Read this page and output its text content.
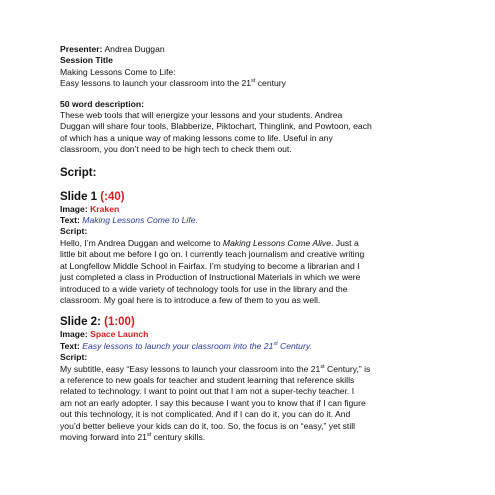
Presenter: Andrea Duggan
Session Title
Making Lessons Come to Life:
Easy lessons to launch your classroom into the 21st century
50 word description:
These web tools that will energize your lessons and your students. Andrea
Duggan will share four tools, Blabberize, Piktochart, Thinglink, and Powtoon, each
of which has a unique way of making lessons come to life. Useful in any
classroom, you don’t need to be high tech to check them out.
Script:
Slide 1 (:40)
Image: Kraken
Text: Making Lessons Come to Life.
Script:
Hello, I’m Andrea Duggan and welcome to Making Lessons Come Alive. Just a
little bit about me before I go on. I currently teach journalism and creative writing
at Longfellow Middle School in Fairfax. I’m studying to become a librarian and I
just completed a class in Production of Instructional Materials in which we were
introduced to a wide variety of technology tools for use in the library and the
classroom. My goal here is to introduce a few of them to you as well.
Slide 2: (1:00)
Image: Space Launch
Text: Easy lessons to launch your classroom into the 21st Century.
Script:
My subtitle, easy “Easy lessons to launch your classroom into the 21st Century,” is
a reference to new goals for teacher and student learning that reference skills
related to technology. I want to point out that I am not a super-techy teacher. I
am not an early adopter. I say this because I want you to know that if I can figure
out this technology, it is not complicated. And if I can do it, you can do it. And
you’d better believe your kids can do it, too. So, the focus is on “easy,” yet still
moving forward into 21st century skills.
